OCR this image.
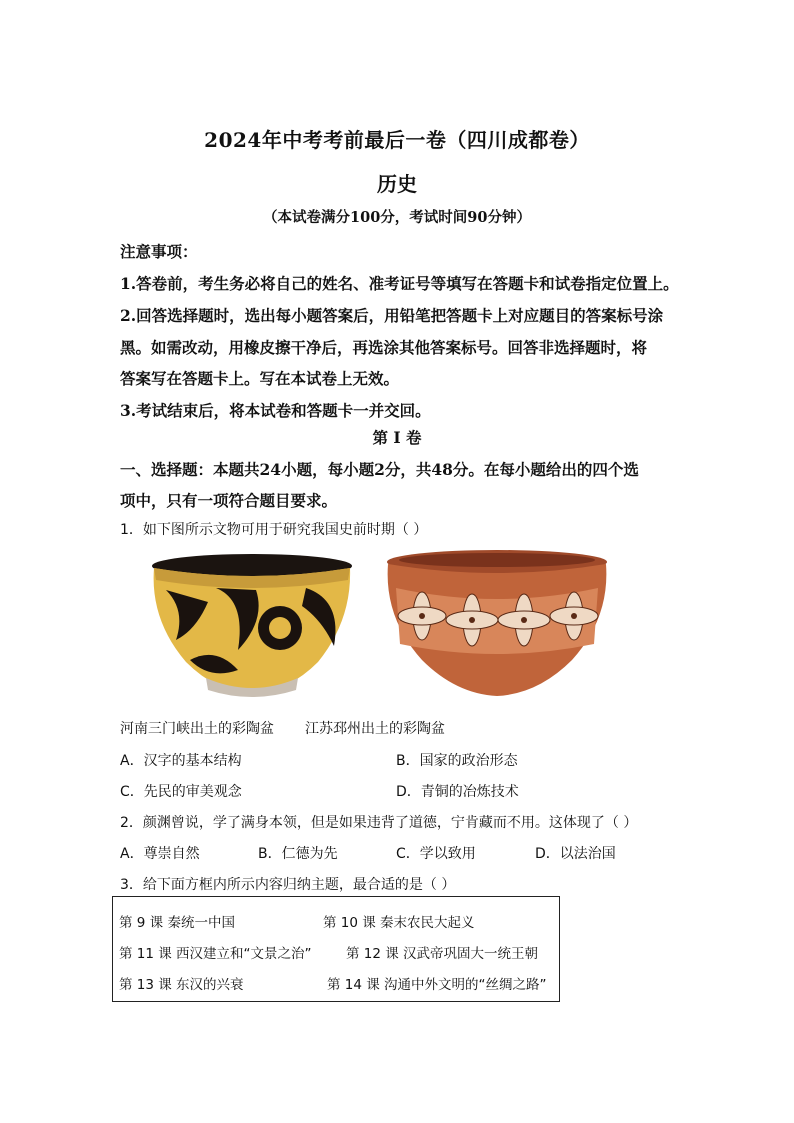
2024年中考考前最后一卷（四川成都卷）
历史
（本试卷满分100分，考试时间90分钟）
注意事项：
1.答卷前，考生务必将自己的姓名、准考证号等填写在答题卡和试卷指定位置上。
2.回答选择题时，选出每小题答案后，用铅笔把答题卡上对应题目的答案标号涂
黑。如需改动，用橡皮擦干净后，再选涂其他答案标号。回答非选择题时，将
答案写在答题卡上。写在本试卷上无效。
3.考试结束后，将本试卷和答题卡一并交回。
第 I 卷
一、选择题：本题共24小题，每小题2分，共48分。在每小题给出的四个选
项中，只有一项符合题目要求。
1．如下图所示文物可用于研究我国史前时期（ ）
河南三门峡出土的彩陶盆 江苏邳州出土的彩陶盆
A．汉字的基本结构	B．国家的政治形态
C．先民的审美观念	D．青铜的冶炼技术
2．颜渊曾说，学了满身本领，但是如果违背了道德，宁肯藏而不用。这体现了（ ）
A．尊崇自然	B．仁德为先	C．学以致用	D．以法治国
3．给下面方框内所示内容归纳主题，最合适的是（ ）
第 9 课 秦统一中国	第 10 课 秦末农民大起义
第 11 课 西汉建立和“文景之治”	第 12 课 汉武帝巩固大一统王朝
第 13 课 东汉的兴衰	第 14 课 沟通中外文明的“丝绸之路”
